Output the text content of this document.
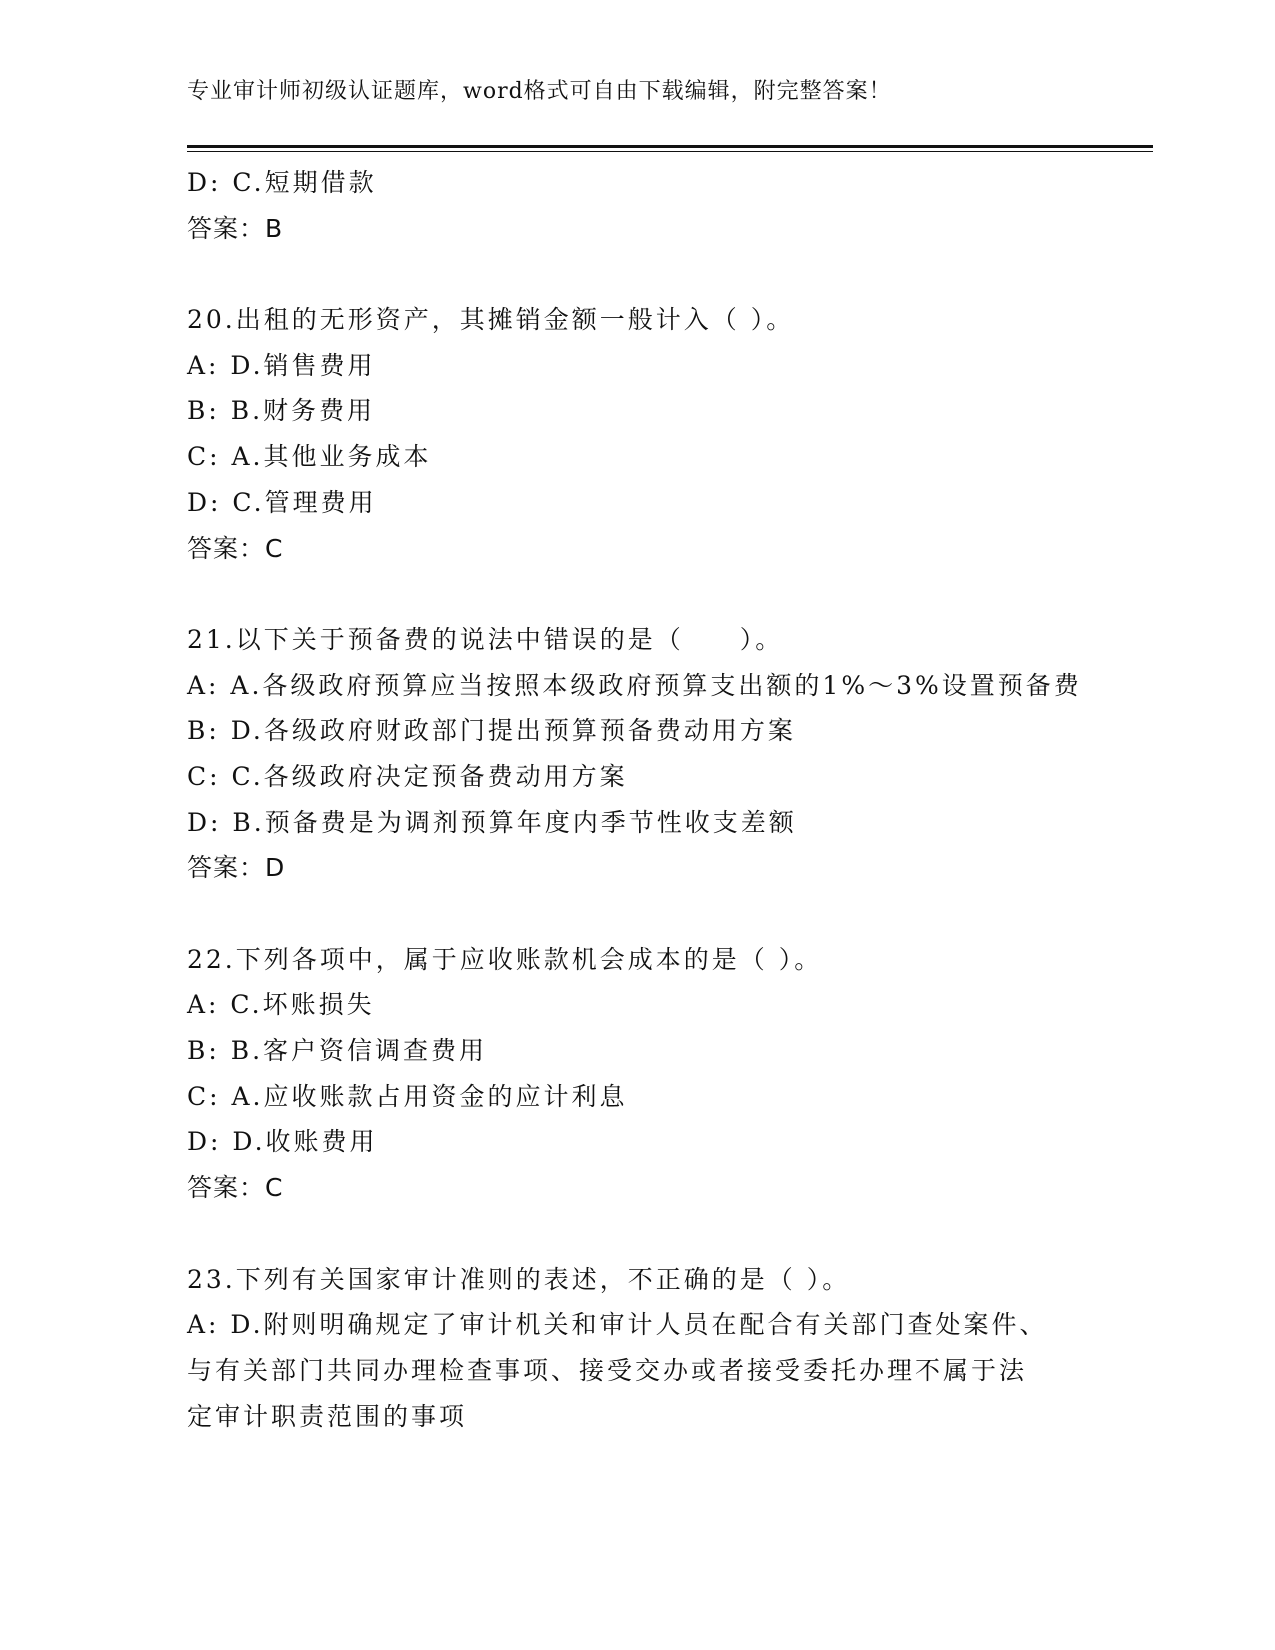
专业审计师初级认证题库，word格式可自由下载编辑，附完整答案！
D: C.短期借款
答案：B
20.出租的无形资产，其摊销金额一般计入（ ）。
A: D.销售费用
B: B.财务费用
C: A.其他业务成本
D: C.管理费用
答案：C
21.以下关于预备费的说法中错误的是（　　）。
A: A.各级政府预算应当按照本级政府预算支出额的1%～3%设置预备费
B: D.各级政府财政部门提出预算预备费动用方案
C: C.各级政府决定预备费动用方案
D: B.预备费是为调剂预算年度内季节性收支差额
答案：D
22.下列各项中，属于应收账款机会成本的是（ ）。
A: C.坏账损失
B: B.客户资信调查费用
C: A.应收账款占用资金的应计利息
D: D.收账费用
答案：C
23.下列有关国家审计准则的表述，不正确的是（ ）。
A: D.附则明确规定了审计机关和审计人员在配合有关部门查处案件、
与有关部门共同办理检查事项、接受交办或者接受委托办理不属于法
定审计职责范围的事项
